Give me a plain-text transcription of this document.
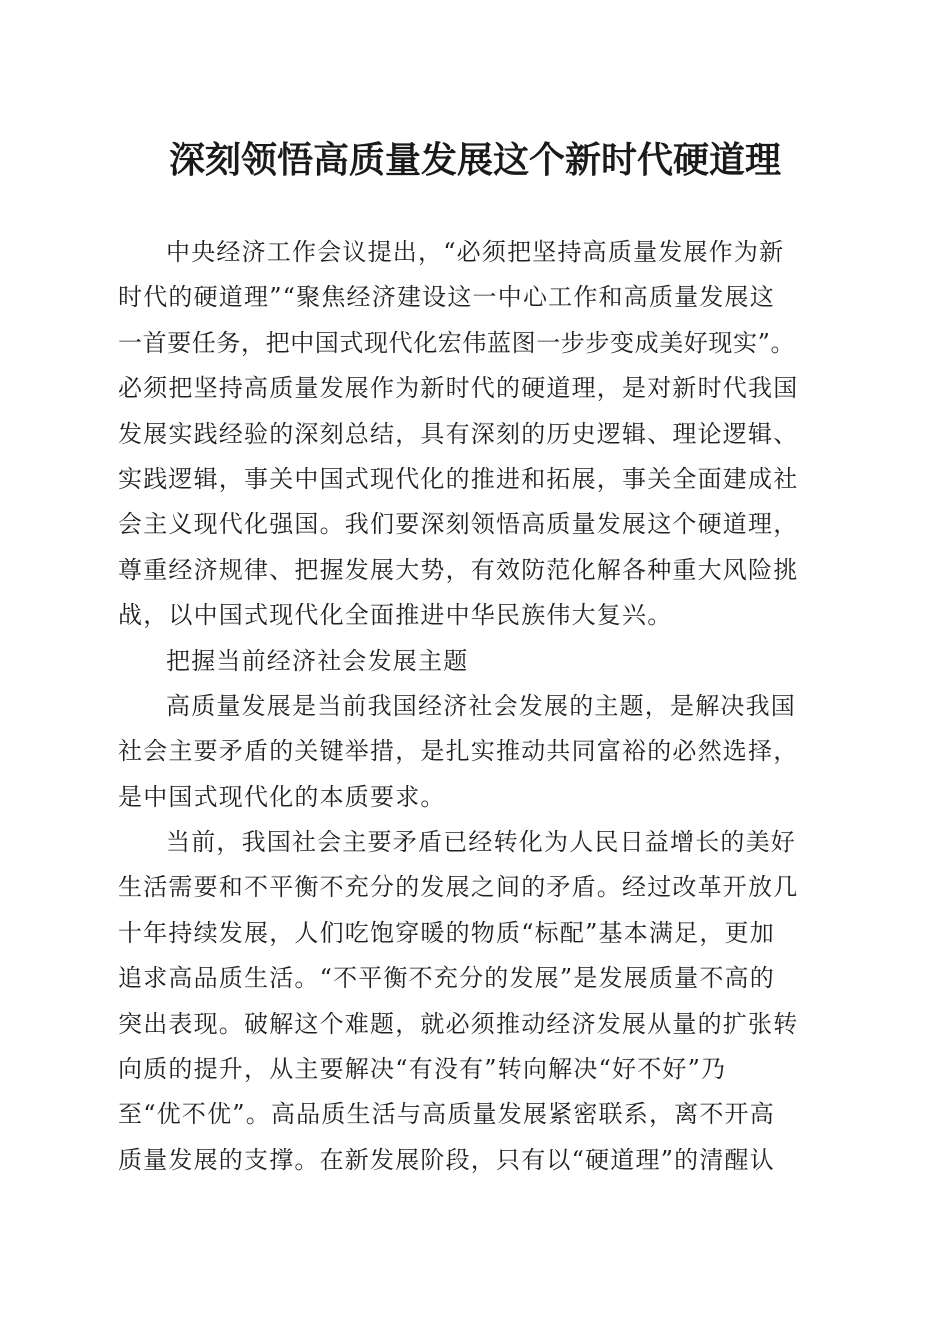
深刻领悟高质量发展这个新时代硬道理
中央经济工作会议提出，“必须把坚持高质量发展作为新
时代的硬道理”“聚焦经济建设这一中心工作和高质量发展这
一首要任务，把中国式现代化宏伟蓝图一步步变成美好现实”。
必须把坚持高质量发展作为新时代的硬道理，是对新时代我国
发展实践经验的深刻总结，具有深刻的历史逻辑、理论逻辑、
实践逻辑，事关中国式现代化的推进和拓展，事关全面建成社
会主义现代化强国。我们要深刻领悟高质量发展这个硬道理，
尊重经济规律、把握发展大势，有效防范化解各种重大风险挑
战，以中国式现代化全面推进中华民族伟大复兴。
把握当前经济社会发展主题
高质量发展是当前我国经济社会发展的主题，是解决我国
社会主要矛盾的关键举措，是扎实推动共同富裕的必然选择，
是中国式现代化的本质要求。
当前，我国社会主要矛盾已经转化为人民日益增长的美好
生活需要和不平衡不充分的发展之间的矛盾。经过改革开放几
十年持续发展，人们吃饱穿暖的物质“标配”基本满足，更加
追求高品质生活。“不平衡不充分的发展”是发展质量不高的
突出表现。破解这个难题，就必须推动经济发展从量的扩张转
向质的提升，从主要解决“有没有”转向解决“好不好”乃
至“优不优”。高品质生活与高质量发展紧密联系，离不开高
质量发展的支撑。在新发展阶段，只有以“硬道理”的清醒认
